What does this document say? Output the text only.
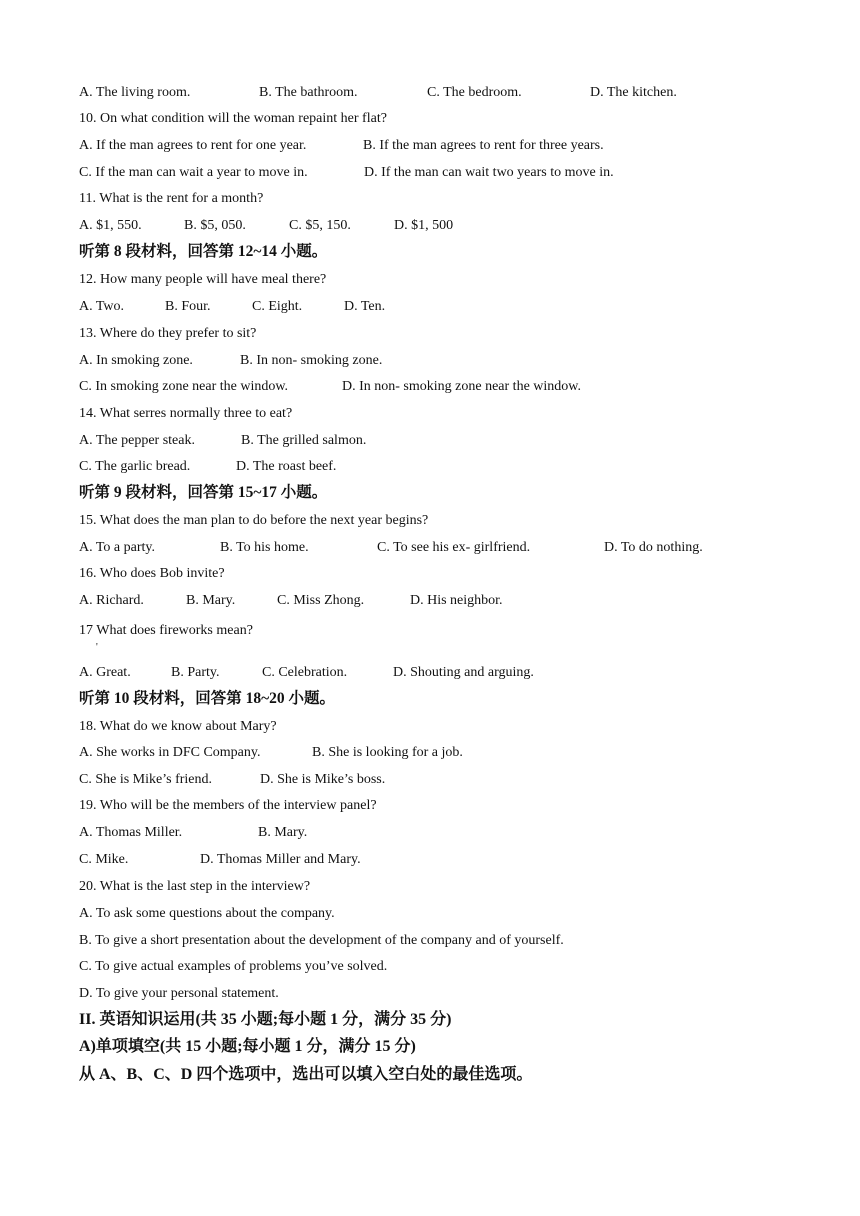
A. The living room.	B. The bathroom.	C. The bedroom.	D. The kitchen.
10. On what condition will the woman repaint her flat?
A. If the man agrees to rent for one year.	B. If the man agrees to rent for three years.
C. If the man can wait a year to move in.	D. If the man can wait two years to move in.
11. What is the rent for a month?
A. $1, 550.	B. $5, 050.	C. $5, 150.	D. $1, 500
听第 8 段材料，回答第 12~14 小题。
12. How many people will have meal there?
A. Two.	B. Four.	C. Eight.	D. Ten.
13. Where do they prefer to sit?
A. In smoking zone.	B. In non- smoking zone.
C. In smoking zone near the window.	D. In non- smoking zone near the window.
14. What serres normally three to eat?
A. The pepper steak.	B. The grilled salmon.
C. The garlic bread.	D. The roast beef.
听第 9 段材料，回答第 15~17 小题。
15. What does the man plan to do before the next year begins?
A. To a party.	B. To his home.	C. To see his ex- girlfriend.	D. To do nothing.
16. Who does Bob invite?
A. Richard.	B. Mary.	C. Miss Zhong.	D. His neighbor.
17 What does fireworks mean?
'
A. Great.	B. Party.	C. Celebration.	D. Shouting and arguing.
听第 10 段材料，回答第 18~20 小题。
18. What do we know about Mary?
A. She works in DFC Company.	B. She is looking for a job.
C. She is Mike’s friend.	D. She is Mike’s boss.
19. Who will be the members of the interview panel?
A. Thomas Miller.	B. Mary.
C. Mike.	D. Thomas Miller and Mary.
20. What is the last step in the interview?
A. To ask some questions about the company.
B. To give a short presentation about the development of the company and of yourself.
C. To give actual examples of problems you’ve solved.
D. To give your personal statement.
II. 英语知识运用(共 35 小题;每小题 1 分，满分 35 分)
A)单项填空(共 15 小题;每小题 1 分，满分 15 分)
从 A、B、C、D 四个选项中，选出可以填入空白处的最佳选项。
